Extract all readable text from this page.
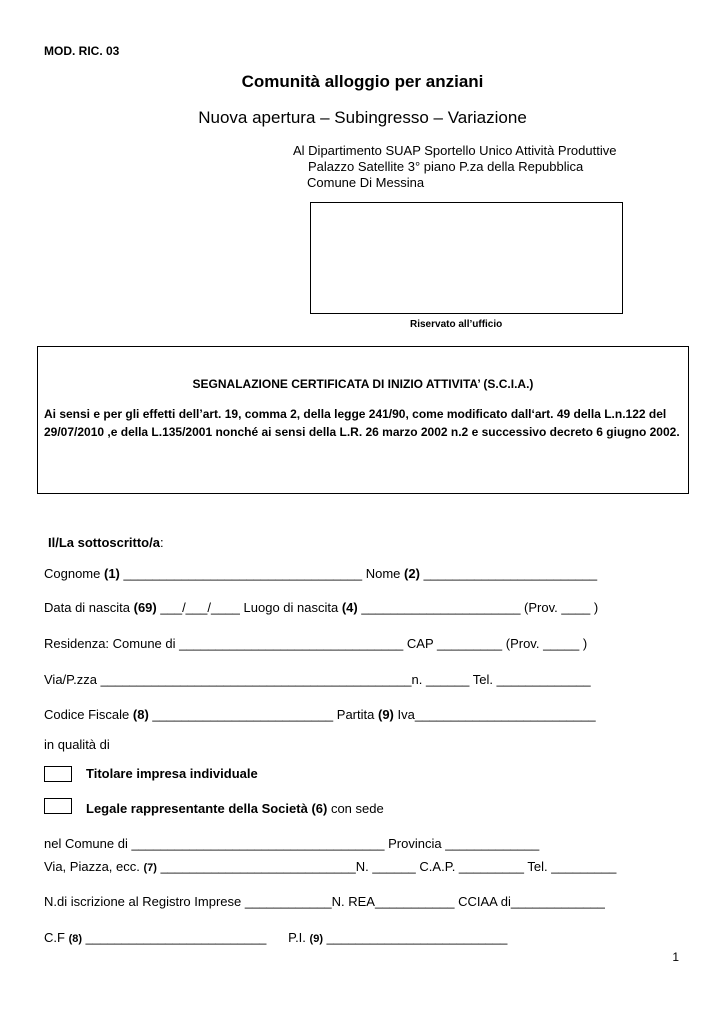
MOD. RIC. 03
Comunità alloggio per anziani
Nuova apertura – Subingresso – Variazione
Al Dipartimento SUAP Sportello Unico Attività Produttive
Palazzo Satellite 3° piano P.za della Repubblica
Comune Di Messina
Riservato all’ufficio
SEGNALAZIONE CERTIFICATA DI INIZIO ATTIVITA’ (S.C.I.A.)
Ai sensi e per gli effetti dell’art. 19, comma 2, della legge 241/90, come modificato dall‘art. 49 della L.n.122 del 29/07/2010 ,e della L.135/2001 nonché ai sensi della L.R. 26 marzo 2002 n.2 e successivo decreto 6 giugno 2002.
Il/La sottoscritto/a:
Cognome (1) _________________________________ Nome (2) ________________________
Data di nascita (69) ___/___/____ Luogo di nascita (4) ______________________ (Prov. ____ )
Residenza: Comune di _______________________________ CAP _________ (Prov. _____ )
Via/P.zza ___________________________________________n. ______ Tel. _____________
Codice Fiscale (8) _________________________ Partita (9) Iva_________________________
in qualità di
Titolare impresa individuale
Legale rappresentante della Società (6) con sede
nel Comune di ___________________________________ Provincia _____________
Via, Piazza, ecc. (7) ___________________________N. ______ C.A.P. _________ Tel. _________
N.di iscrizione al Registro Imprese ____________N. REA___________ CCIAA di_____________
C.F (8) _________________________ P.I. (9) _________________________
1
